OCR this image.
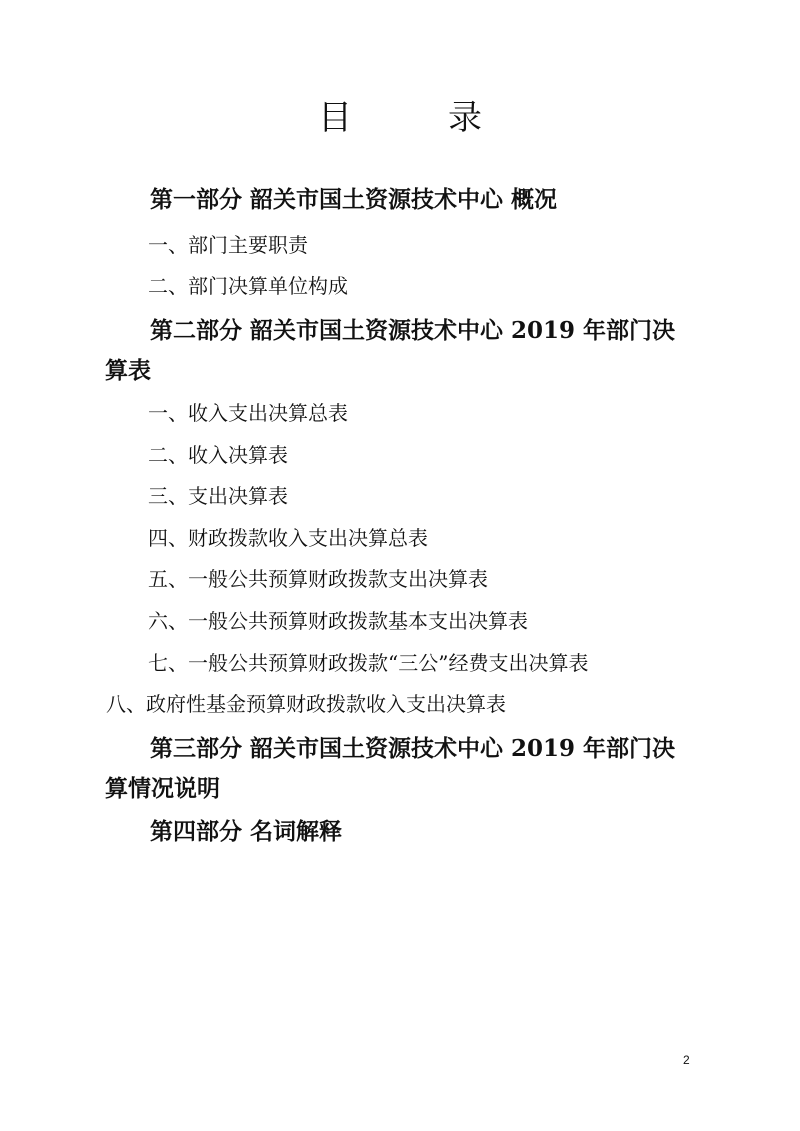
目录

第一部分 韶关市国土资源技术中心 概况

一、部门主要职责

二、部门决算单位构成

第二部分 韶关市国土资源技术中心 2019 年部门决

算表

一、收入支出决算总表

二、收入决算表

三、支出决算表

四、财政拨款收入支出决算总表

五、一般公共预算财政拨款支出决算表

六、一般公共预算财政拨款基本支出决算表

七、一般公共预算财政拨款“三公”经费支出决算表

八、政府性基金预算财政拨款收入支出决算表

第三部分 韶关市国土资源技术中心 2019 年部门决

算情况说明

第四部分 名词解释

2
